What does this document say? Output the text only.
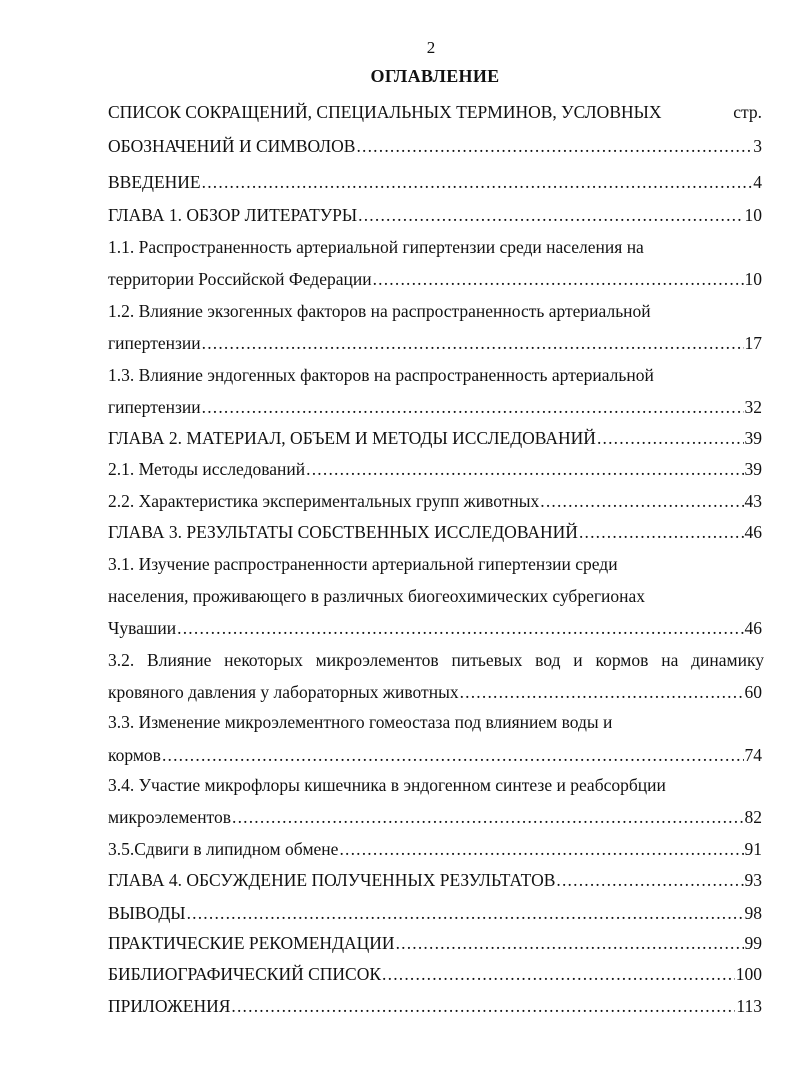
2
ОГЛАВЛЕНИЕ
СПИСОК СОКРАЩЕНИЙ, СПЕЦИАЛЬНЫХ ТЕРМИНОВ, УСЛОВНЫХ	стр.
ОБОЗНАЧЕНИЙ И СИМВОЛОВ .....	3
ВВЕДЕНИЕ .....	4
ГЛАВА 1. ОБЗОР ЛИТЕРАТУРЫ .....	10
1.1. Распространенность артериальной гипертензии среди населения на
территории Российской Федерации .....	10
1.2. Влияние экзогенных факторов на распространенность артериальной
гипертензии .....	17
1.3. Влияние эндогенных факторов на распространенность артериальной
гипертензии .....	32
ГЛАВА 2. МАТЕРИАЛ, ОБЪЕМ И МЕТОДЫ ИССЛЕДОВАНИЙ .....	39
2.1. Методы исследований .....	39
2.2. Характеристика экспериментальных групп животных .....	43
ГЛАВА 3. РЕЗУЛЬТАТЫ СОБСТВЕННЫХ ИССЛЕДОВАНИЙ .....	46
3.1. Изучение распространенности артериальной гипертензии среди
населения, проживающего в различных биогеохимических субрегионах
Чувашии .....	46
3.2. Влияние некоторых микроэлементов питьевых вод и кормов на динамику
кровяного давления у лабораторных животных .....	60
3.3. Изменение микроэлементного гомеостаза под влиянием воды и
кормов .....	74
3.4. Участие микрофлоры кишечника в эндогенном синтезе и реабсорбции
микроэлементов .....	82
3.5.Сдвиги в липидном обмене .....	91
ГЛАВА 4. ОБСУЖДЕНИЕ ПОЛУЧЕННЫХ РЕЗУЛЬТАТОВ .....	93
ВЫВОДЫ .....	98
ПРАКТИЧЕСКИЕ РЕКОМЕНДАЦИИ .....	99
БИБЛИОГРАФИЧЕСКИЙ СПИСОК .....	100
ПРИЛОЖЕНИЯ .....	113
